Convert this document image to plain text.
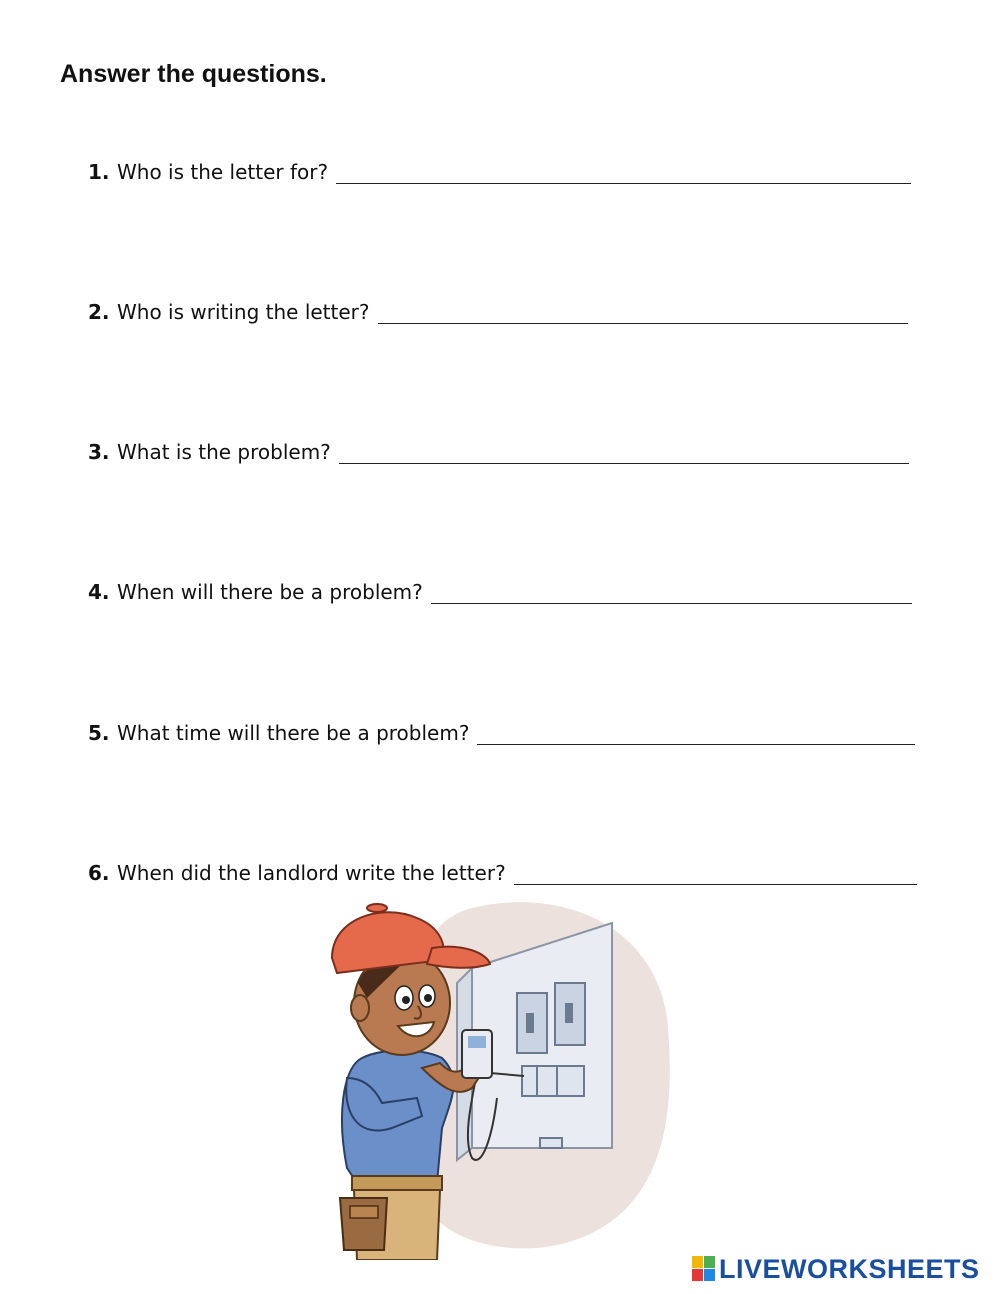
Answer the questions.
1. Who is the letter for?
2. Who is writing the letter?
3. What is the problem?
4. When will there be a problem?
5. What time will there be a problem?
6. When did the landlord write the letter?
LIVEWORKSHEETS
